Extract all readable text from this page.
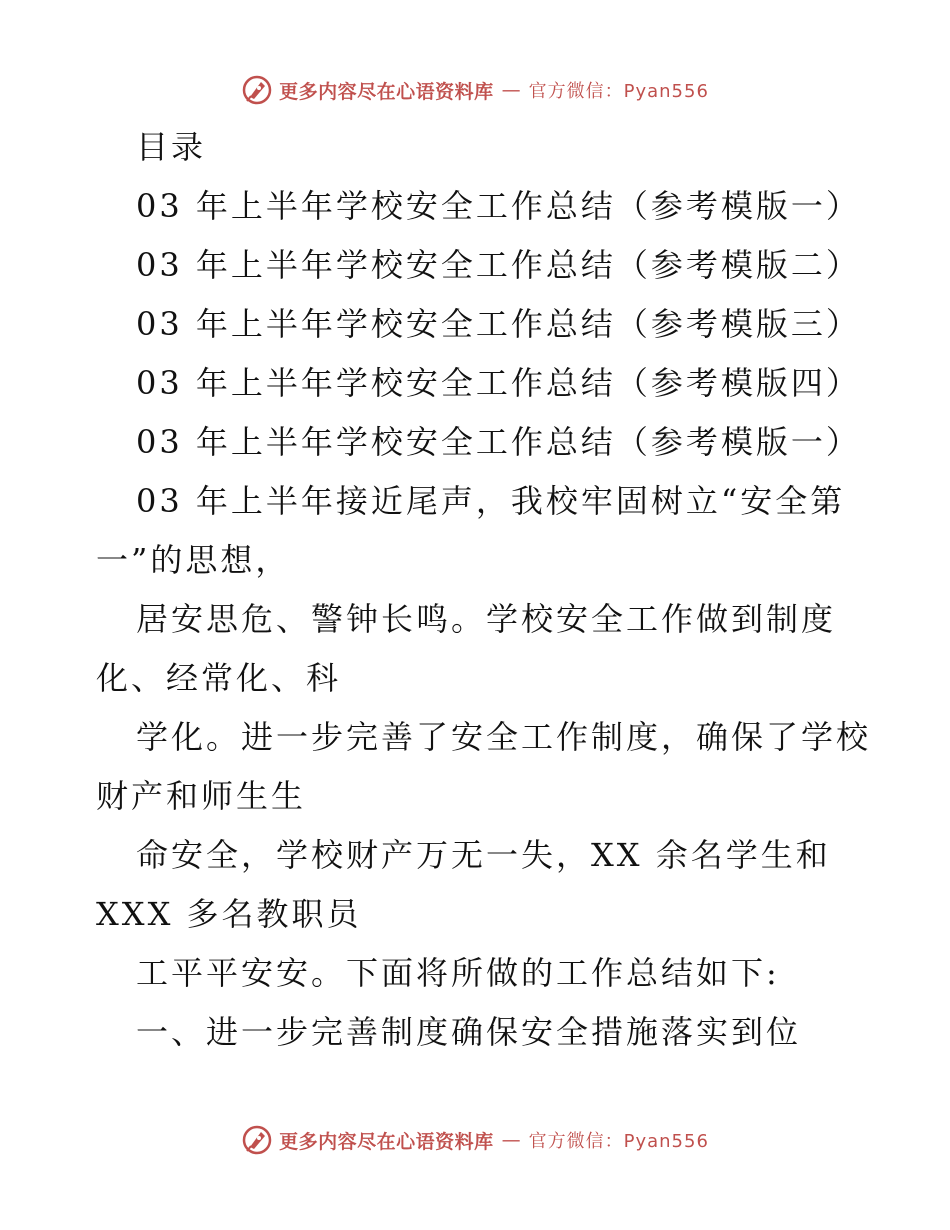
更多内容尽在心语资料库 — 官方微信：Pyan556
目录
03 年上半年学校安全工作总结（参考模版一）
03 年上半年学校安全工作总结（参考模版二）
03 年上半年学校安全工作总结（参考模版三）
03 年上半年学校安全工作总结（参考模版四）
03 年上半年学校安全工作总结（参考模版一）
03 年上半年接近尾声，我校牢固树立“安全第
一”的思想，
居安思危、警钟长鸣。学校安全工作做到制度
化、经常化、科
学化。进一步完善了安全工作制度，确保了学校
财产和师生生
命安全，学校财产万无一失，XX 余名学生和
XXX 多名教职员
工平平安安。下面将所做的工作总结如下:
一、进一步完善制度确保安全措施落实到位
更多内容尽在心语资料库 — 官方微信：Pyan556
